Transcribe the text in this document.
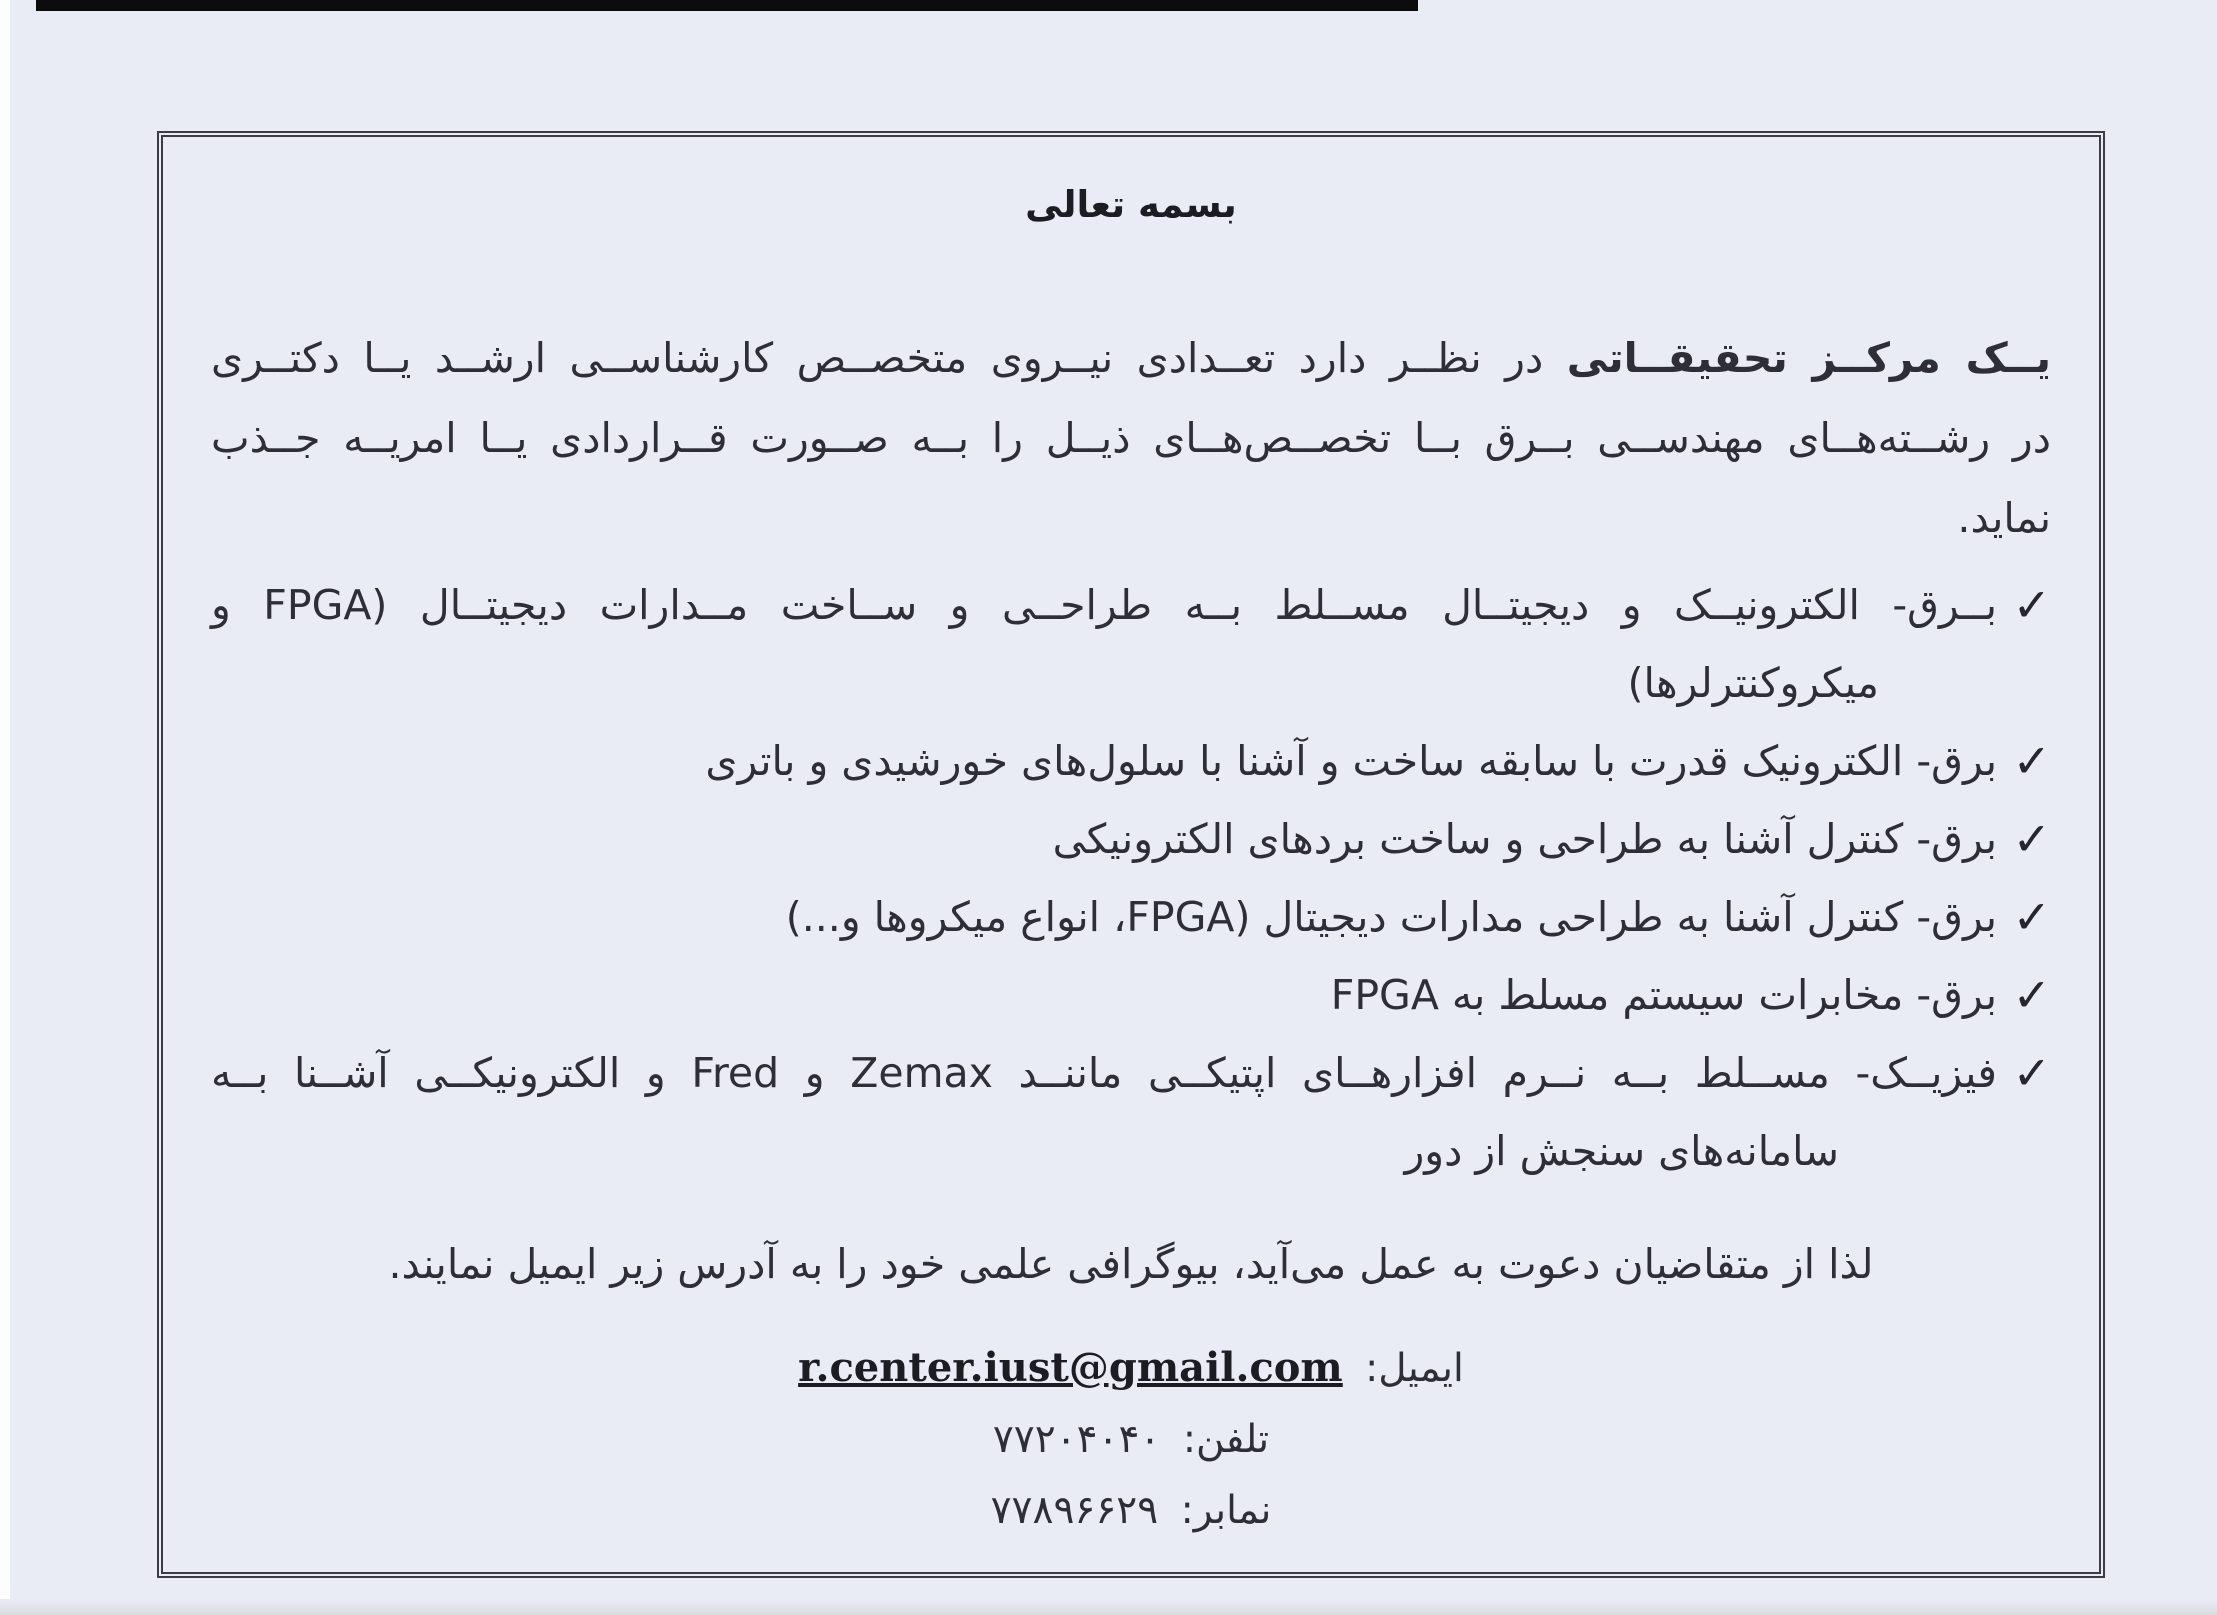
بسمه تعالی

یــک مرکــز تحقیقــاتی در نظــر دارد تعــدادی نیــروی متخصــص کارشناســی ارشــد یــا دکتــری

در رشــته‌هــای مهندســی بــرق بــا تخصــص‌هــای ذیــل را بــه صــورت قــراردادی یــا امریــه جــذب

نماید.

✓
بــرق- الکترونیــک و دیجیتــال مســلط بــه طراحــی و ســاخت مــدارات دیجیتــال (FPGA و
میکروکنترلرها)
✓
برق- الکترونیک قدرت با سابقه ساخت و آشنا با سلول‌های خورشیدی و باتری
✓
برق- کنترل آشنا به طراحی و ساخت بردهای الکترونیکی
✓
برق- کنترل آشنا به طراحی مدارات دیجیتال (FPGA، انواع میکروها و...)
✓
برق- مخابرات سیستم مسلط به FPGA
✓
فیزیــک- مســلط بــه نــرم افزارهــای اپتیکــی ماننــد Zemax و Fred و الکترونیکــی آشــنا بــه
سامانه‌های سنجش از دور

لذا از متقاضیان دعوت به عمل می‌آید، بیوگرافی علمی خود را به آدرس زیر ایمیل نمایند.

ایمیل: r.center.iust@gmail.com
تلفن: ۷۷۲۰۴۰۴۰
نمابر: ۷۷۸۹۶۶۲۹
